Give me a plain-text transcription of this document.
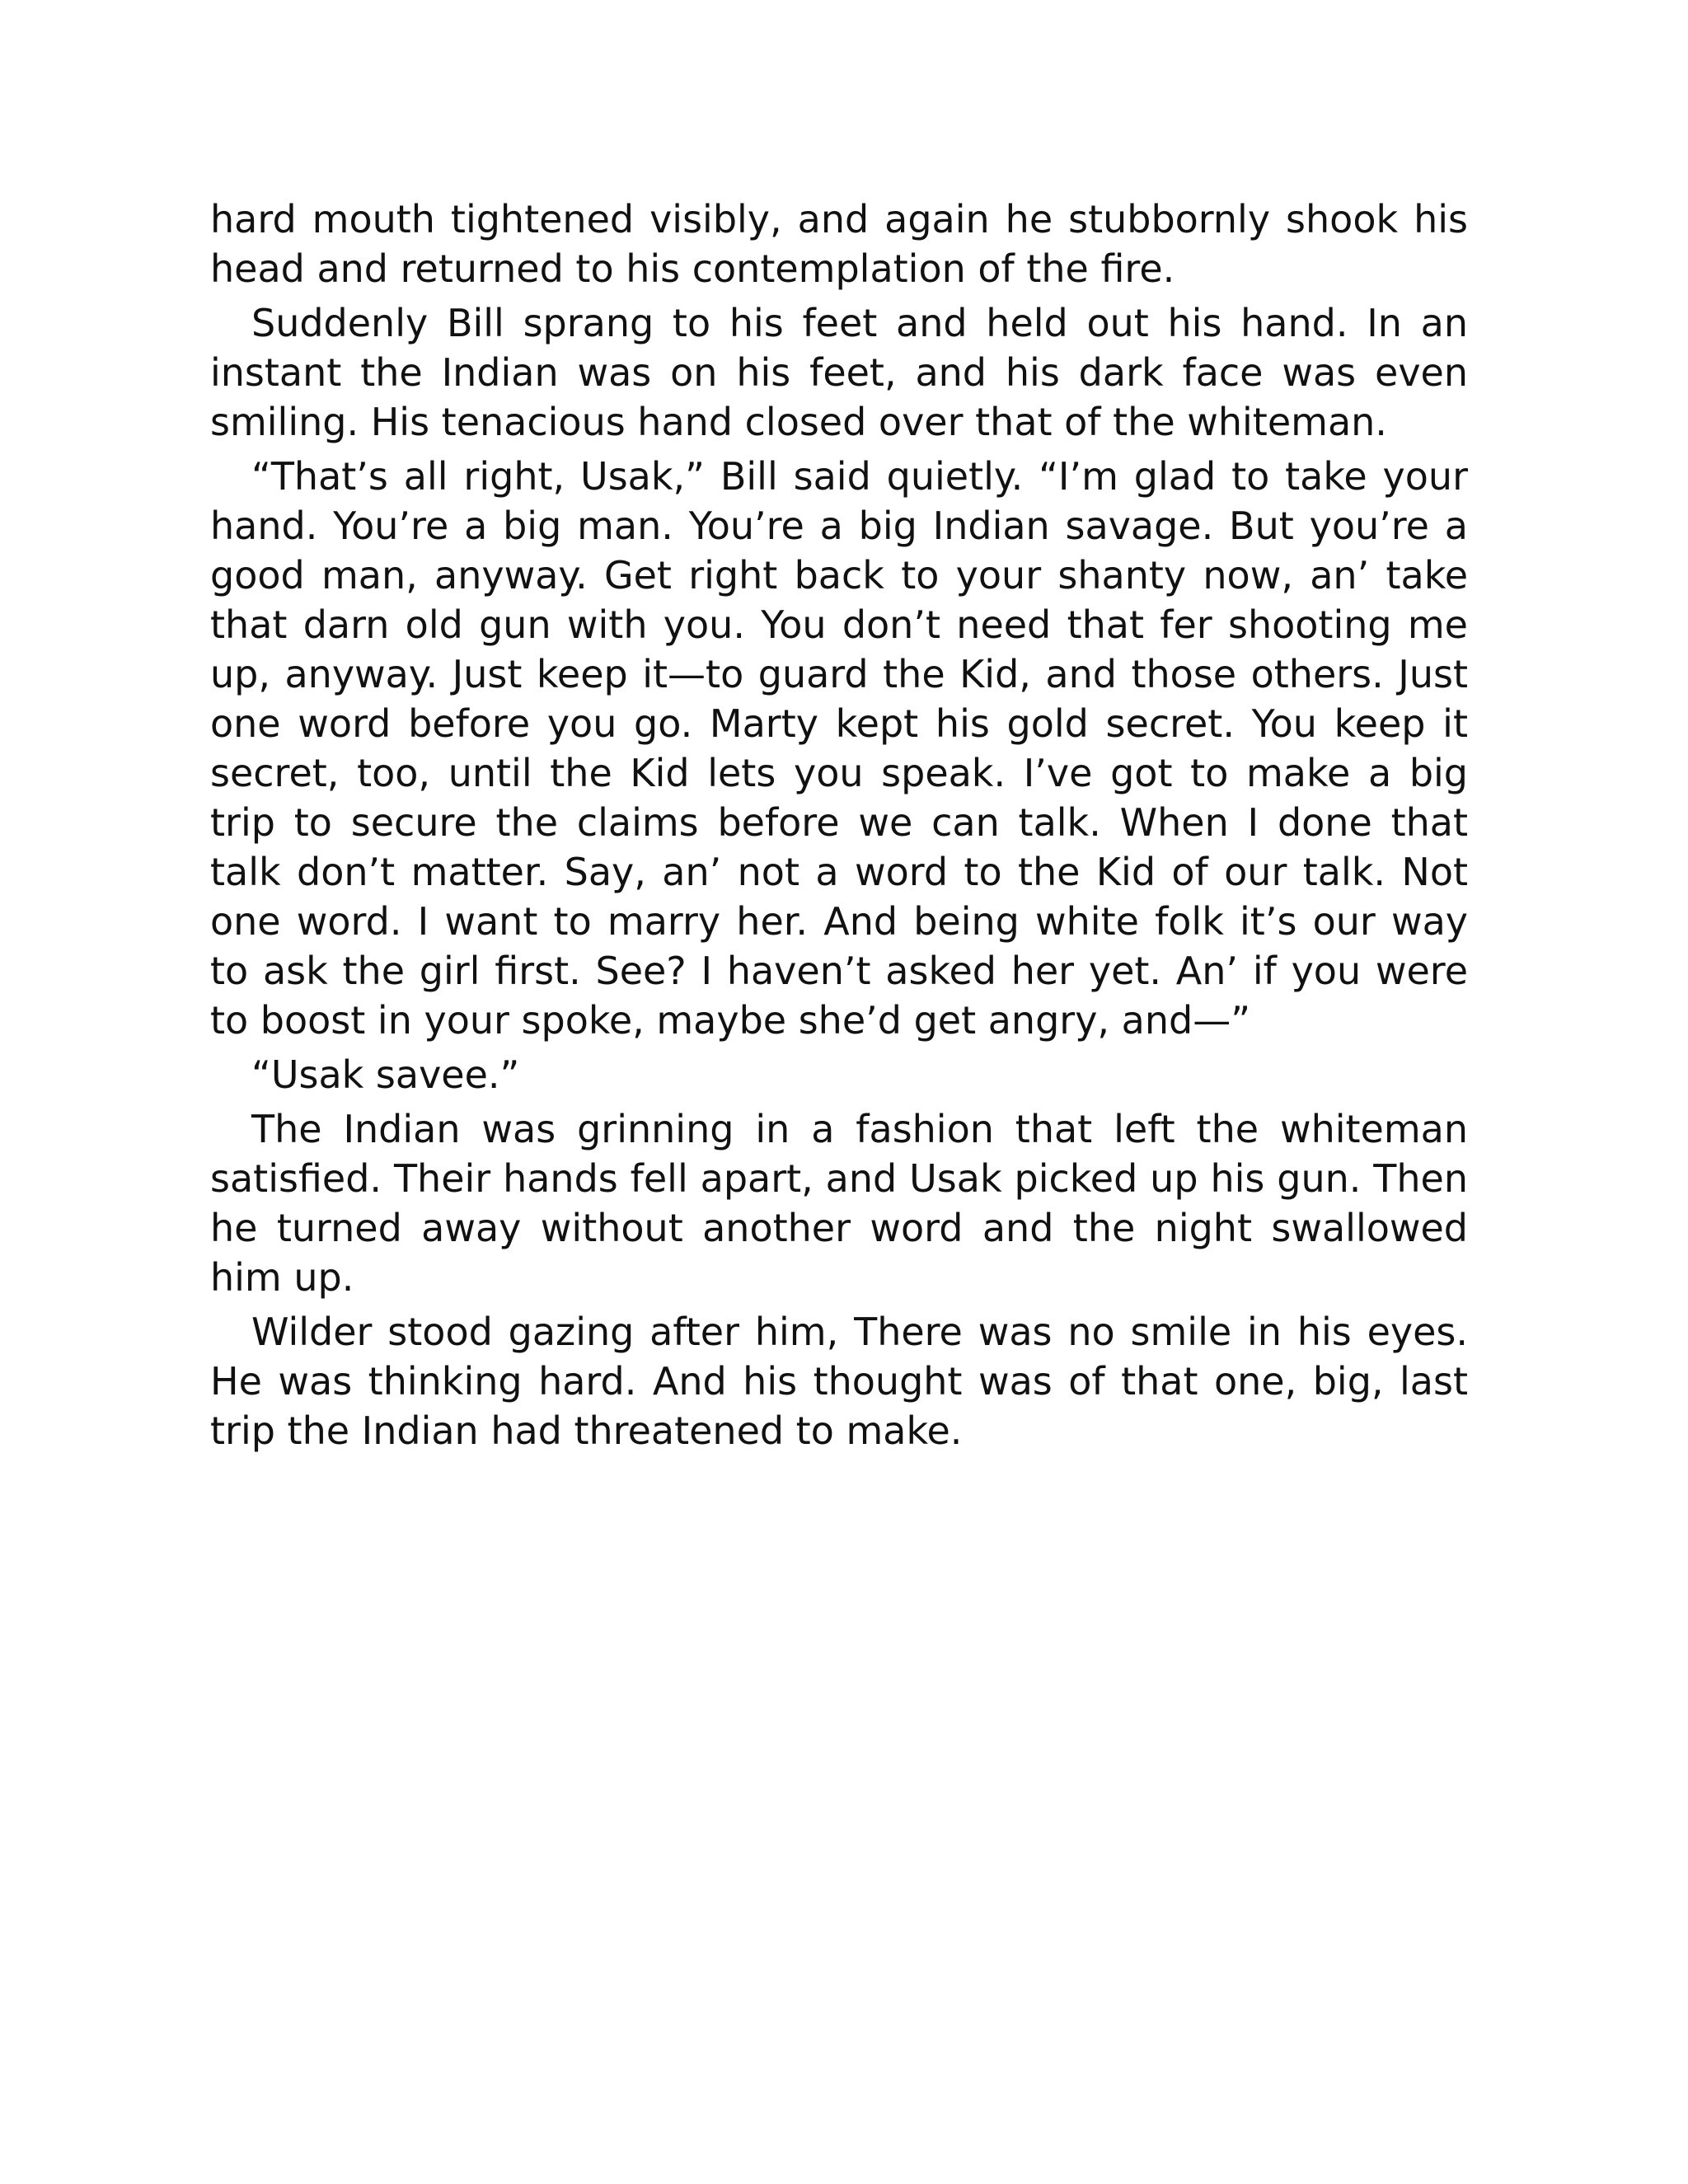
hard mouth tightened visibly, and again he stubbornly shook his head and returned to his contemplation of the fire.

Suddenly Bill sprang to his feet and held out his hand. In an instant the Indian was on his feet, and his dark face was even smiling. His tenacious hand closed over that of the whiteman.

“That’s all right, Usak,” Bill said quietly. “I’m glad to take your hand. You’re a big man. You’re a big Indian savage. But you’re a good man, anyway. Get right back to your shanty now, an’ take that darn old gun with you. You don’t need that fer shooting me up, anyway. Just keep it—to guard the Kid, and those others. Just one word before you go. Marty kept his gold secret. You keep it secret, too, until the Kid lets you speak. I’ve got to make a big trip to secure the claims before we can talk. When I done that talk don’t matter. Say, an’ not a word to the Kid of our talk. Not one word. I want to marry her. And being white folk it’s our way to ask the girl first. See? I haven’t asked her yet. An’ if you were to boost in your spoke, maybe she’d get angry, and—”

“Usak savee.”

The Indian was grinning in a fashion that left the whiteman satisfied. Their hands fell apart, and Usak picked up his gun. Then he turned away without another word and the night swallowed him up.

Wilder stood gazing after him, There was no smile in his eyes. He was thinking hard. And his thought was of that one, big, last trip the Indian had threatened to make.
